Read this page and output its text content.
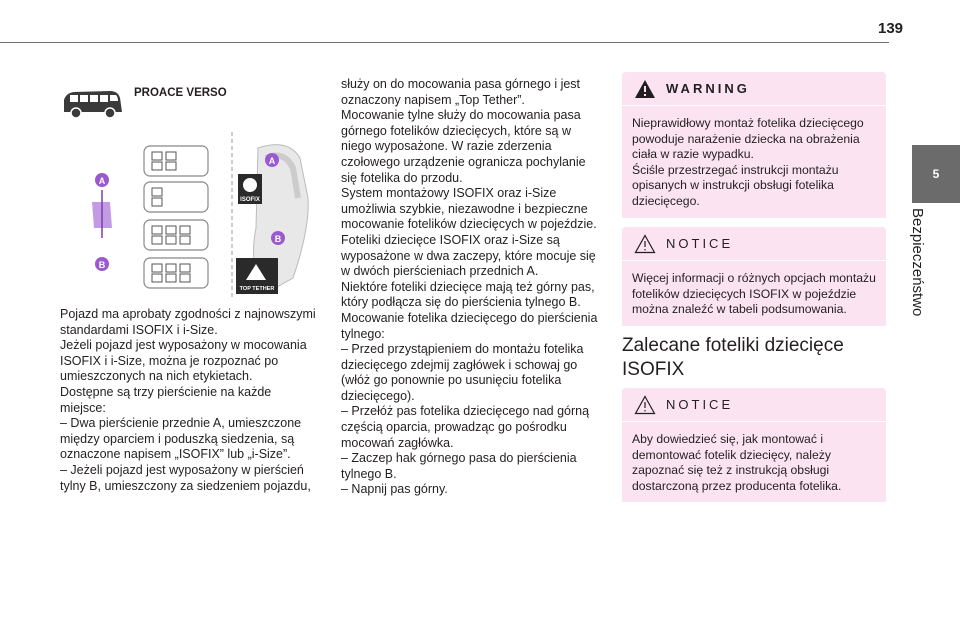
139
5
Bezpieczeństwo
PROACE VERSO
ISOFIX
TOP TETHER
A
B
A
B

Pojazd ma aprobaty zgodności z najnowszymi standardami ISOFIX i i-Size.

Jeżeli pojazd jest wyposażony w mocowania ISOFIX i i-Size, można je rozpoznać po umieszczonych na nich etykietach.

Dostępne są trzy pierścienie na każde miejsce:

– Dwa pierścienie przednie A, umieszczone między oparciem i poduszką siedzenia, są oznaczone napisem „ISOFIX” lub „i-Size”.

– Jeżeli pojazd jest wyposażony w pierścień tylny B, umieszczony za siedzeniem pojazdu,

służy on do mocowania pasa górnego i jest oznaczony napisem „Top Tether”.

Mocowanie tylne służy do mocowania pasa górnego fotelików dziecięcych, które są w niego wyposażone. W razie zderzenia czołowego urządzenie ogranicza pochylanie się fotelika do przodu.

System montażowy ISOFIX oraz i-Size umożliwia szybkie, niezawodne i bezpieczne mocowanie fotelików dziecięcych w pojeździe.

Foteliki dziecięce ISOFIX oraz i-Size są wyposażone w dwa zaczepy, które mocuje się w dwóch pierścieniach przednich A.

Niektóre foteliki dziecięce mają też górny pas, który podłącza się do pierścienia tylnego B.

Mocowanie fotelika dziecięcego do pierścienia tylnego:

– Przed przystąpieniem do montażu fotelika dziecięcego zdejmij zagłówek i schowaj go (włóż go ponownie po usunięciu fotelika dziecięcego).

– Przełóż pas fotelika dziecięcego nad górną częścią oparcia, prowadząc go pośrodku mocowań zagłówka.

– Zaczep hak górnego pasa do pierścienia tylnego B.

– Napnij pas górny.

WARNING

Nieprawidłowy montaż fotelika dziecięcego powoduje narażenie dziecka na obrażenia ciała w razie wypadku.

Ściśle przestrzegać instrukcji montażu opisanych w instrukcji obsługi fotelika dziecięcego.

NOTICE

Więcej informacji o różnych opcjach montażu fotelików dziecięcych ISOFIX w pojeździe można znaleźć w tabeli podsumowania.

Zalecane foteliki dziecięce ISOFIX
NOTICE

Aby dowiedzieć się, jak montować i demontować fotelik dziecięcy, należy zapoznać się też z instrukcją obsługi dostarczoną przez producenta fotelika.
